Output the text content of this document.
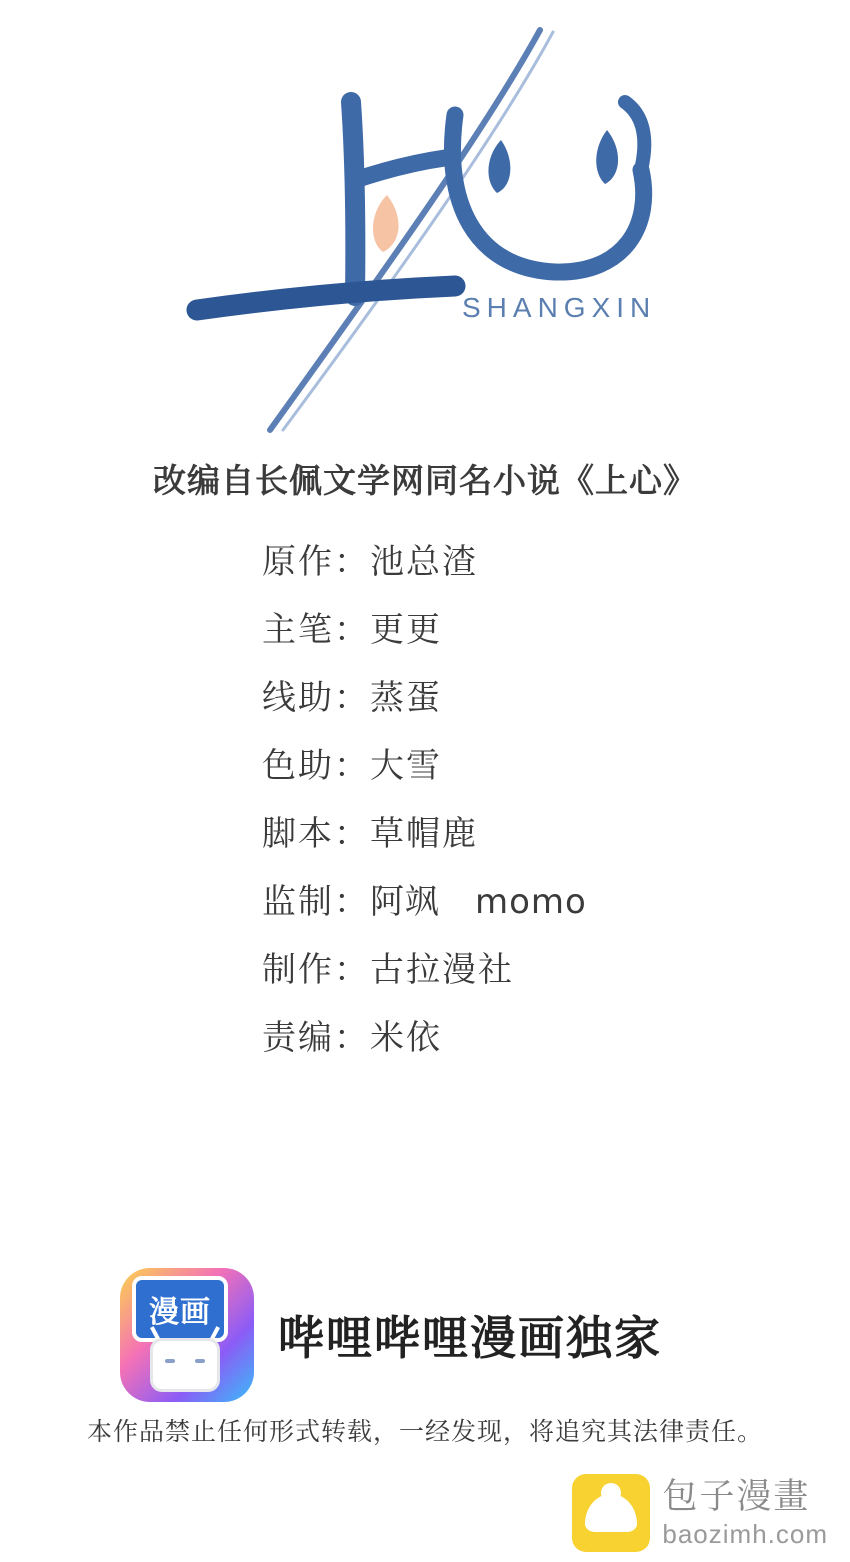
SHANGXIN
改编自长佩文学网同名小说《上心》
原作 ： 池总渣
主笔 ： 更更
线助 ： 蒸蛋
色助 ： 大雪
脚本 ： 草帽鹿
监制 ： 阿飒　momo
制作 ： 古拉漫社
责编 ： 米依
漫画	哔哩哔哩漫画独家
本作品禁止任何形式转载，一经发现，将追究其法律责任。
包子漫畫
baozimh.com
